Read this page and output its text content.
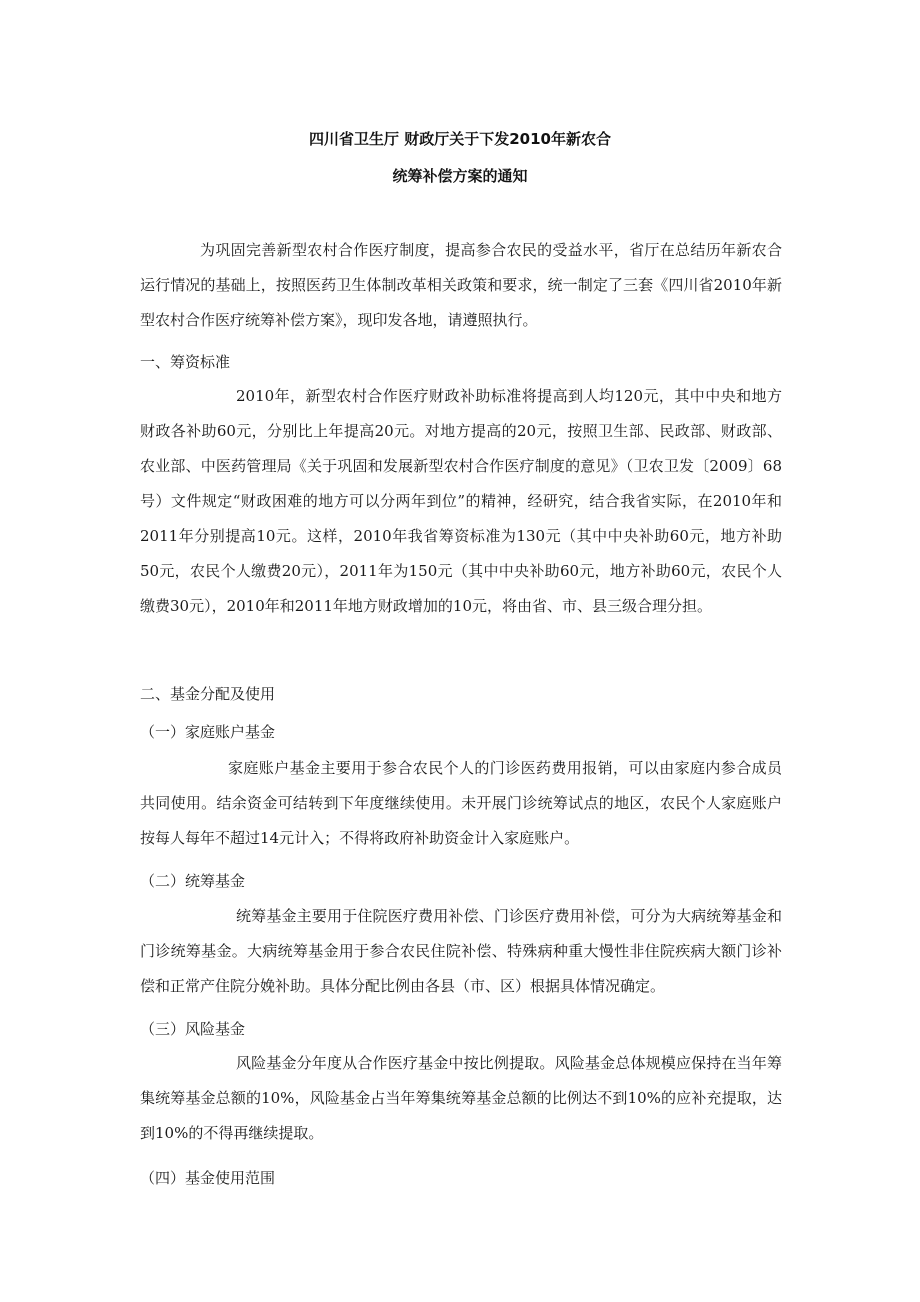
四川省卫生厅 财政厅关于下发2010年新农合
统筹补偿方案的通知

为巩固完善新型农村合作医疗制度，提高参合农民的受益水平，省厅在总结历年新农合运行情况的基础上，按照医药卫生体制改革相关政策和要求，统一制定了三套《四川省2010年新型农村合作医疗统筹补偿方案》，现印发各地，请遵照执行。

一、筹资标准

2010年，新型农村合作医疗财政补助标准将提高到人均120元，其中中央和地方财政各补助60元，分别比上年提高20元。对地方提高的20元，按照卫生部、民政部、财政部、农业部、中医药管理局《关于巩固和发展新型农村合作医疗制度的意见》（卫农卫发〔2009〕68号）文件规定“财政困难的地方可以分两年到位”的精神，经研究，结合我省实际，在2010年和2011年分别提高10元。这样，2010年我省筹资标准为130元（其中中央补助60元，地方补助50元，农民个人缴费20元），2011年为150元（其中中央补助60元，地方补助60元，农民个人缴费30元），2010年和2011年地方财政增加的10元，将由省、市、县三级合理分担。

二、基金分配及使用

（一）家庭账户基金

家庭账户基金主要用于参合农民个人的门诊医药费用报销，可以由家庭内参合成员共同使用。结余资金可结转到下年度继续使用。未开展门诊统筹试点的地区，农民个人家庭账户按每人每年不超过14元计入；不得将政府补助资金计入家庭账户。

（二）统筹基金

统筹基金主要用于住院医疗费用补偿、门诊医疗费用补偿，可分为大病统筹基金和门诊统筹基金。大病统筹基金用于参合农民住院补偿、特殊病种重大慢性非住院疾病大额门诊补偿和正常产住院分娩补助。具体分配比例由各县（市、区）根据具体情况确定。

（三）风险基金

风险基金分年度从合作医疗基金中按比例提取。风险基金总体规模应保持在当年筹集统筹基金总额的10%，风险基金占当年筹集统筹基金总额的比例达不到10%的应补充提取，达到10%的不得再继续提取。

（四）基金使用范围
